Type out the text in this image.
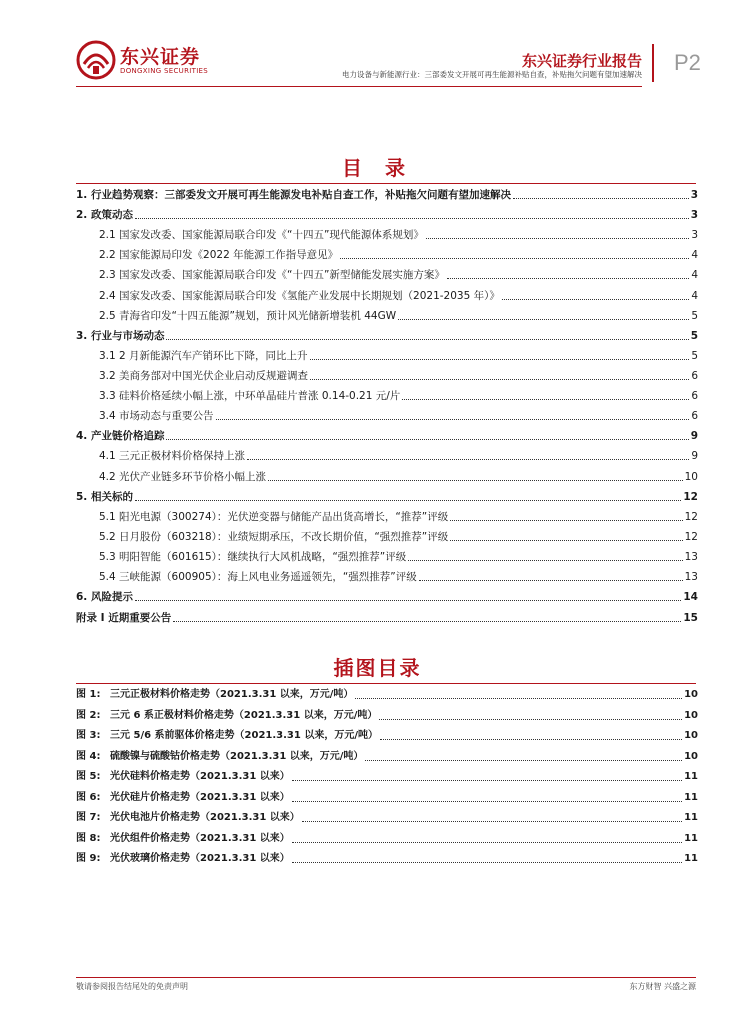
东兴证券
DONGXING SECURITIES
东兴证券行业报告
电力设备与新能源行业：三部委发文开展可再生能源补贴自查，补贴拖欠问题有望加速解决 P2
目 录
1. 行业趋势观察：三部委发文开展可再生能源发电补贴自查工作，补贴拖欠问题有望加速解决	3
2. 政策动态	3
2.1 国家发改委、国家能源局联合印发《“十四五”现代能源体系规划》	3
2.2 国家能源局印发《2022 年能源工作指导意见》	4
2.3 国家发改委、国家能源局联合印发《“十四五”新型储能发展实施方案》	4
2.4 国家发改委、国家能源局联合印发《氢能产业发展中长期规划（2021-2035 年）》	4
2.5 青海省印发“十四五能源”规划，预计风光储新增装机 44GW	5
3. 行业与市场动态	5
3.1 2 月新能源汽车产销环比下降，同比上升	5
3.2 美商务部对中国光伏企业启动反规避调查	6
3.3 硅料价格延续小幅上涨，中环单晶硅片普涨 0.14-0.21 元/片	6
3.4 市场动态与重要公告	6
4. 产业链价格追踪	9
4.1 三元正极材料价格保持上涨	9
4.2 光伏产业链多环节价格小幅上涨	10
5. 相关标的	12
5.1 阳光电源（300274）：光伏逆变器与储能产品出货高增长，“推荐”评级	12
5.2 日月股份（603218）：业绩短期承压，不改长期价值，“强烈推荐”评级	12
5.3 明阳智能（601615）：继续执行大风机战略，“强烈推荐”评级	13
5.4 三峡能源（600905）：海上风电业务遥遥领先，“强烈推荐”评级	13
6. 风险提示	14
附录 I 近期重要公告	15
插图目录
图 1: 三元正极材料价格走势（2021.3.31 以来，万元/吨）	10
图 2: 三元 6 系正极材料价格走势（2021.3.31 以来，万元/吨）	10
图 3: 三元 5/6 系前驱体价格走势（2021.3.31 以来，万元/吨）	10
图 4: 硫酸镍与硫酸钴价格走势（2021.3.31 以来，万元/吨）	10
图 5: 光伏硅料价格走势（2021.3.31 以来）	11
图 6: 光伏硅片价格走势（2021.3.31 以来）	11
图 7: 光伏电池片价格走势（2021.3.31 以来）	11
图 8: 光伏组件价格走势（2021.3.31 以来）	11
图 9: 光伏玻璃价格走势（2021.3.31 以来）	11
敬请参阅报告结尾处的免责声明	东方财智 兴盛之源
